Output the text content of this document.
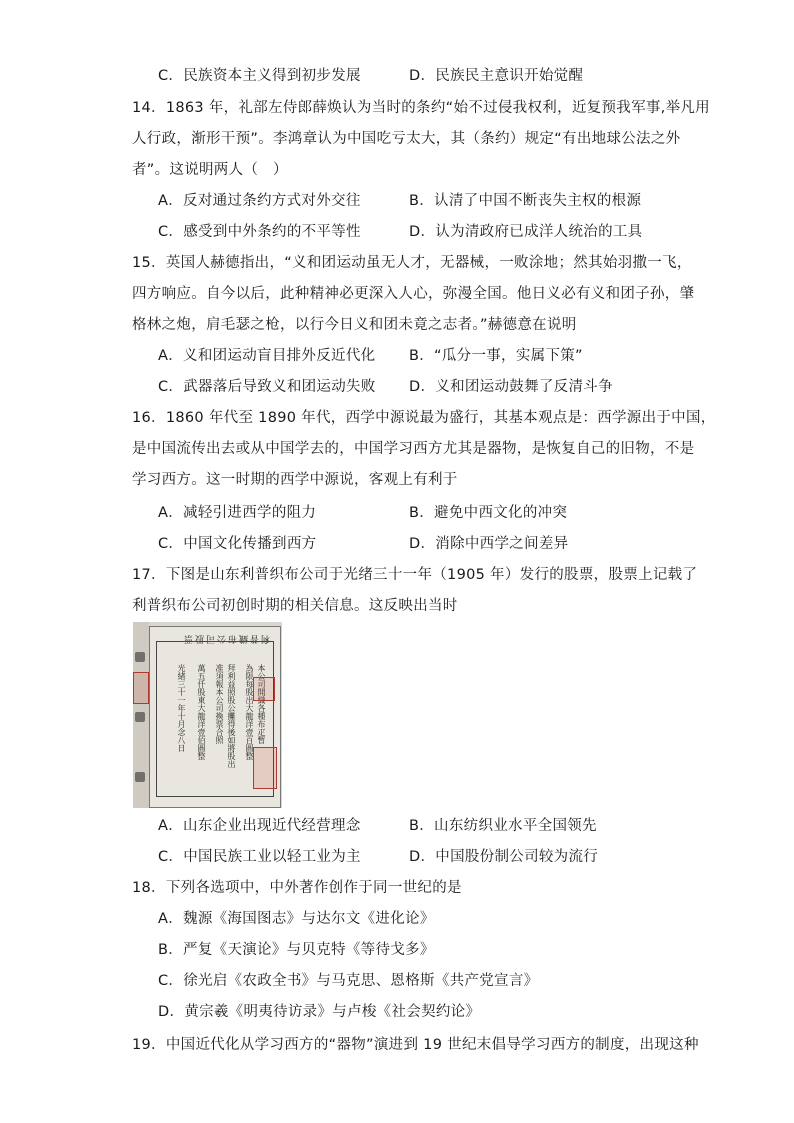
C．民族资本主义得到初步发展	D．民族民主意识开始觉醒
14．1863 年，礼部左侍郎薛焕认为当时的条约“始不过侵我权利，近复预我军事,举凡用
人行政，渐形干预”。李鸿章认为中国吃亏太大，其（条约）规定“有出地球公法之外
者”。这说明两人（　）
A．反对通过条约方式对外交往	B．认清了中国不断丧失主权的根源
C．感受到中外条约的不平等性	D．认为清政府已成洋人统治的工具
15．英国人赫德指出，“义和团运动虽无人才，无器械，一败涂地；然其始羽撒一飞，
四方响应。自今以后，此种精神必更深入人心，弥漫全国。他日义必有义和团子孙，肇
格林之炮，肩毛瑟之枪，以行今日义和团未竟之志者。”赫德意在说明
A．义和团运动盲目排外反近代化 B．“瓜分一事，实属下策”
C．武器落后导致义和团运动失败 D．义和团运动鼓舞了反清斗争
16．1860 年代至 1890 年代，西学中源说最为盛行，其基本观点是：西学源出于中国，
是中国流传出去或从中国学去的，中国学习西方尤其是器物，是恢复自己的旧物，不是
学习西方。这一时期的西学中源说，客观上有利于
A．减轻引进西学的阻力	B．避免中西文化的冲突
C．中国文化传播到西方	D．消除中西学之间差异
17．下图是山东利普织布公司于光绪三十一年（1905 年）发行的股票，股票上记载了
利普织布公司初创时期的相关信息。这反映出当时
利普織布公司股票
本公司開織各種布疋暫
為限每股出大龍洋壹百圓整
拜利益照股公攤得後如將股出
准須報本公司換票合照
萬五仟股東大龍洋壹佰圓整
光緒三十一年十月念八日
A．山东企业出现近代经营理念	B．山东纺织业水平全国领先
C．中国民族工业以轻工业为主	D．中国股份制公司较为流行
18．下列各选项中，中外著作创作于同一世纪的是
A．魏源《海国图志》与达尔文《进化论》
B．严复《天演论》与贝克特《等待戈多》
C．徐光启《农政全书》与马克思、恩格斯《共产党宣言》
D．黄宗羲《明夷待访录》与卢梭《社会契约论》
19．中国近代化从学习西方的“器物”演进到 19 世纪末倡导学习西方的制度，出现这种
